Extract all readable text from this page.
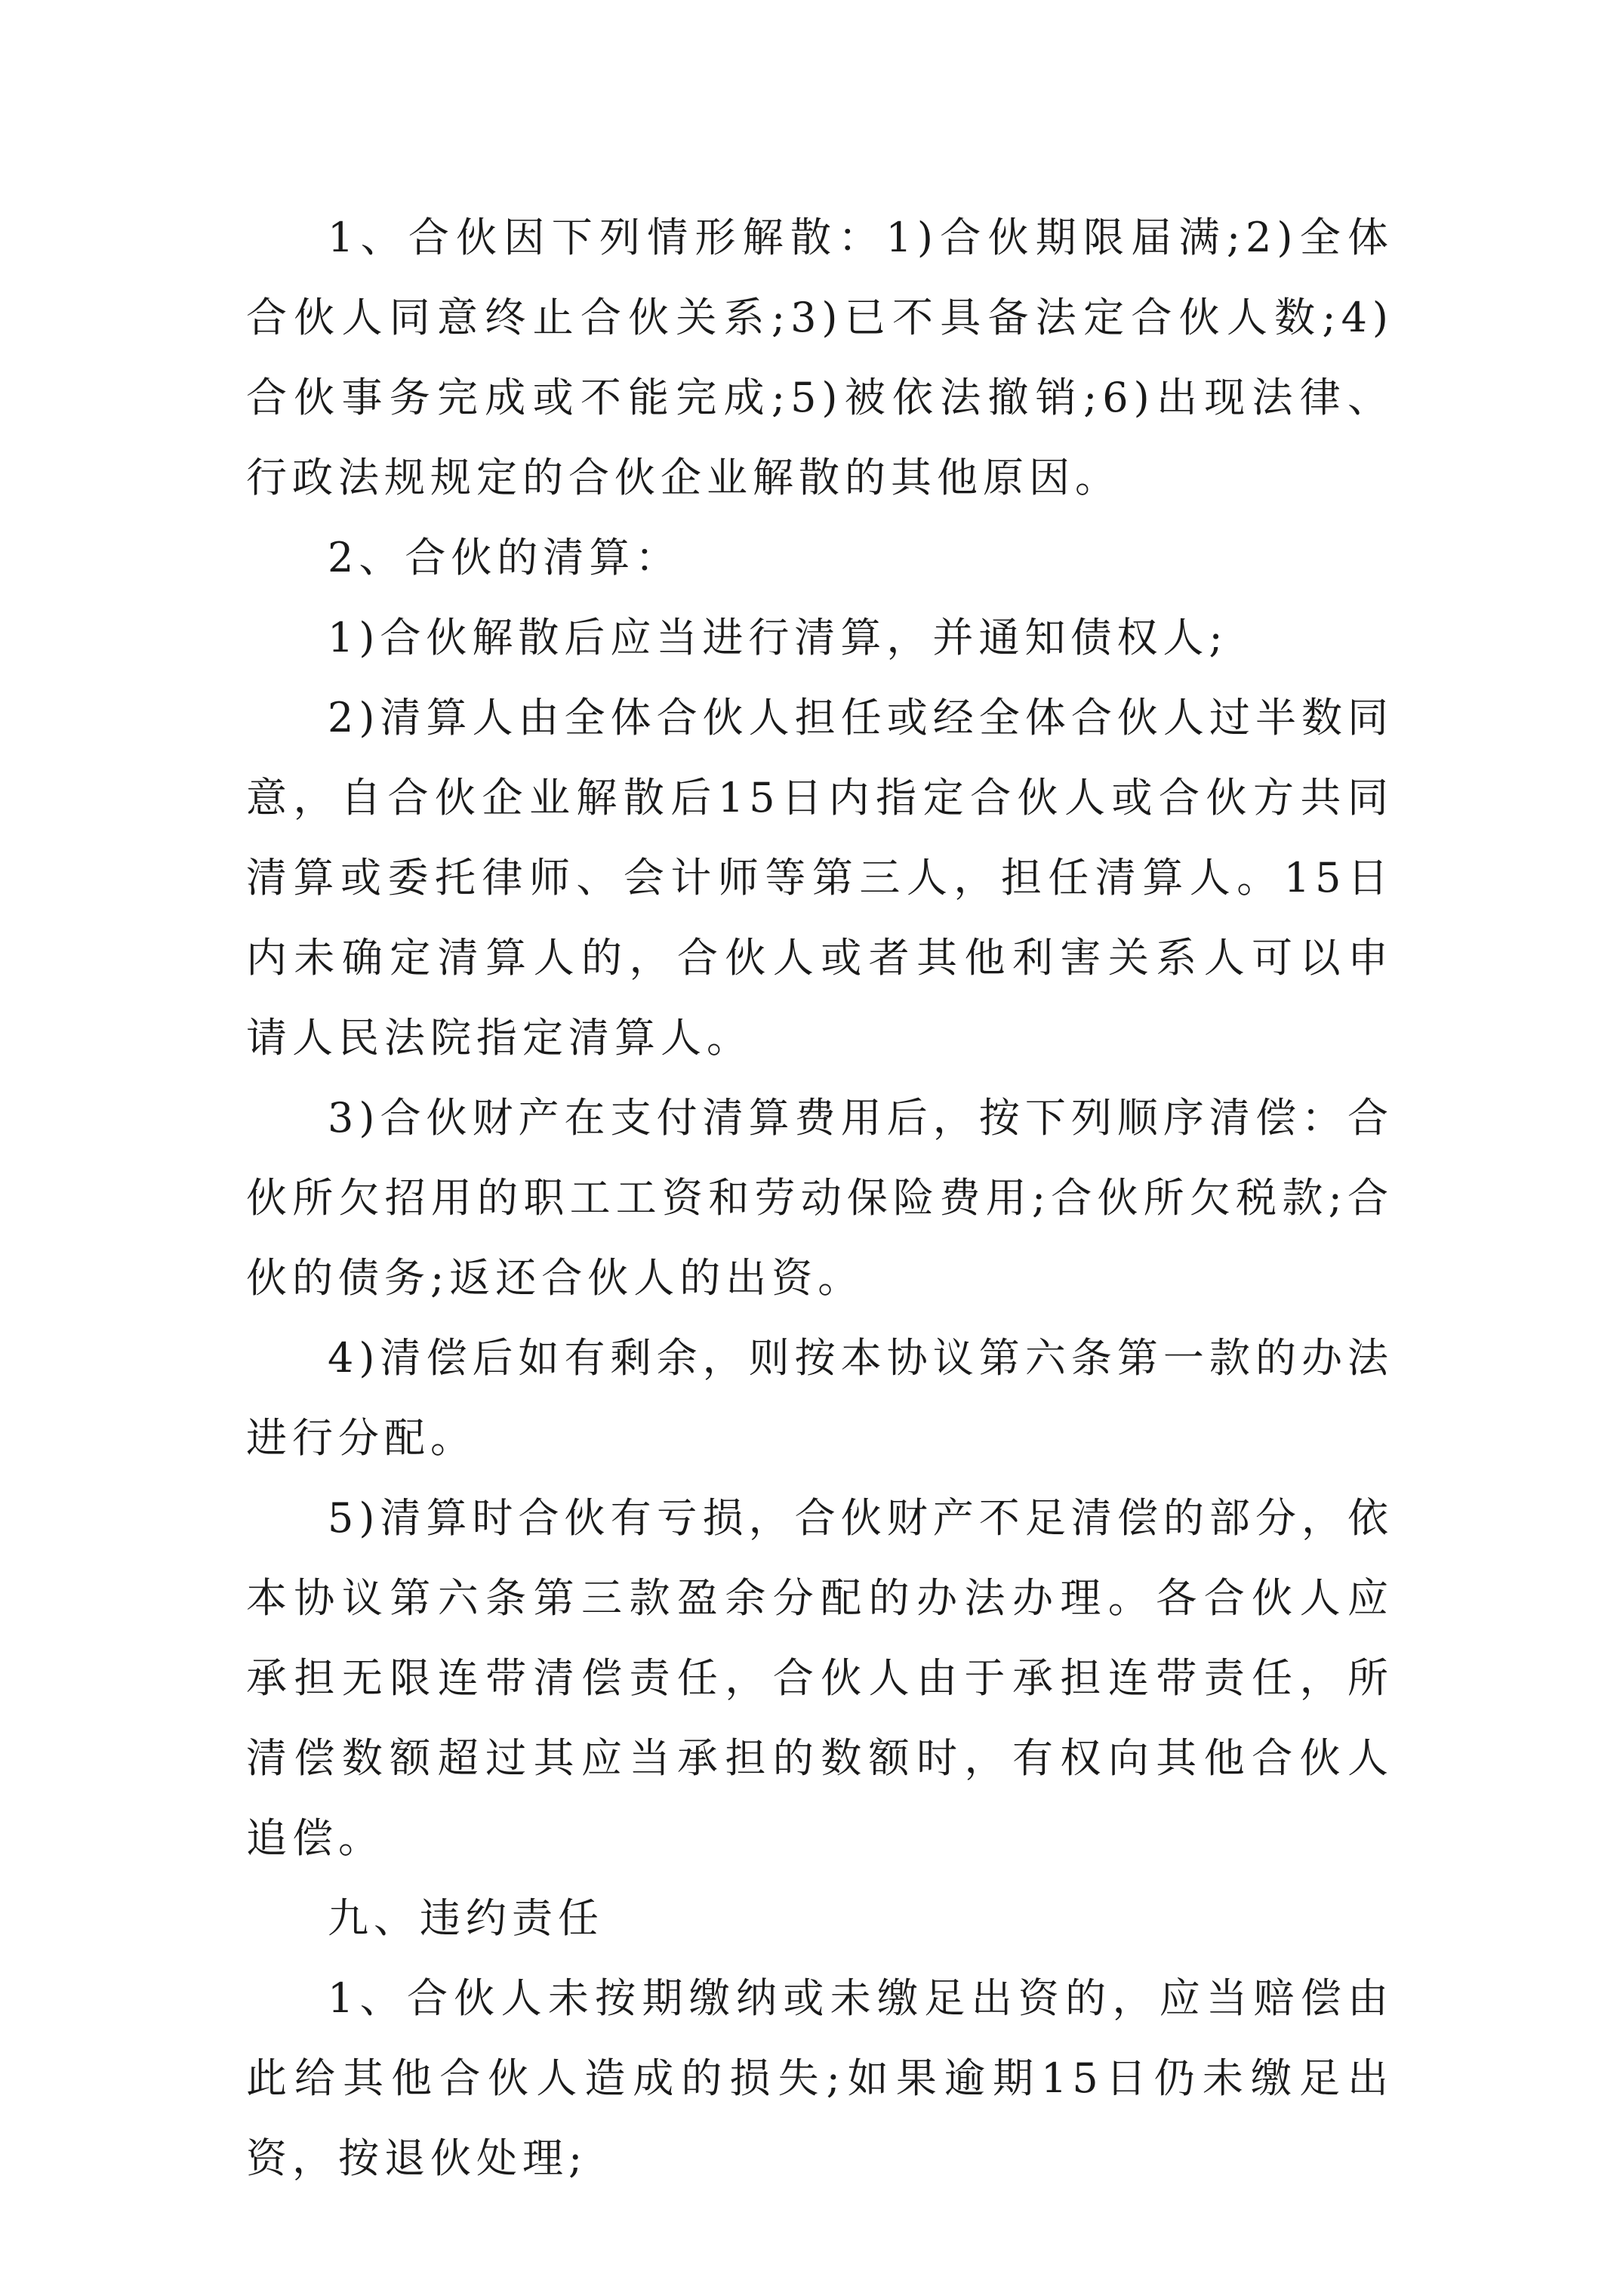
1、合伙因下列情形解散：1)合伙期限届满;2)全体合伙人同意终止合伙关系;3)已不具备法定合伙人数;4)合伙事务完成或不能完成;5)被依法撤销;6)出现法律、行政法规规定的合伙企业解散的其他原因。

2、合伙的清算：

1)合伙解散后应当进行清算，并通知债权人;

2)清算人由全体合伙人担任或经全体合伙人过半数同意，自合伙企业解散后15日内指定合伙人或合伙方共同清算或委托律师、会计师等第三人，担任清算人。15日内未确定清算人的，合伙人或者其他利害关系人可以申请人民法院指定清算人。

3)合伙财产在支付清算费用后，按下列顺序清偿：合伙所欠招用的职工工资和劳动保险费用;合伙所欠税款;合伙的债务;返还合伙人的出资。

4)清偿后如有剩余，则按本协议第六条第一款的办法进行分配。

5)清算时合伙有亏损，合伙财产不足清偿的部分，依本协议第六条第三款盈余分配的办法办理。各合伙人应承担无限连带清偿责任，合伙人由于承担连带责任，所清偿数额超过其应当承担的数额时，有权向其他合伙人追偿。

九、违约责任

1、合伙人未按期缴纳或未缴足出资的，应当赔偿由此给其他合伙人造成的损失;如果逾期15日仍未缴足出资，按退伙处理;
